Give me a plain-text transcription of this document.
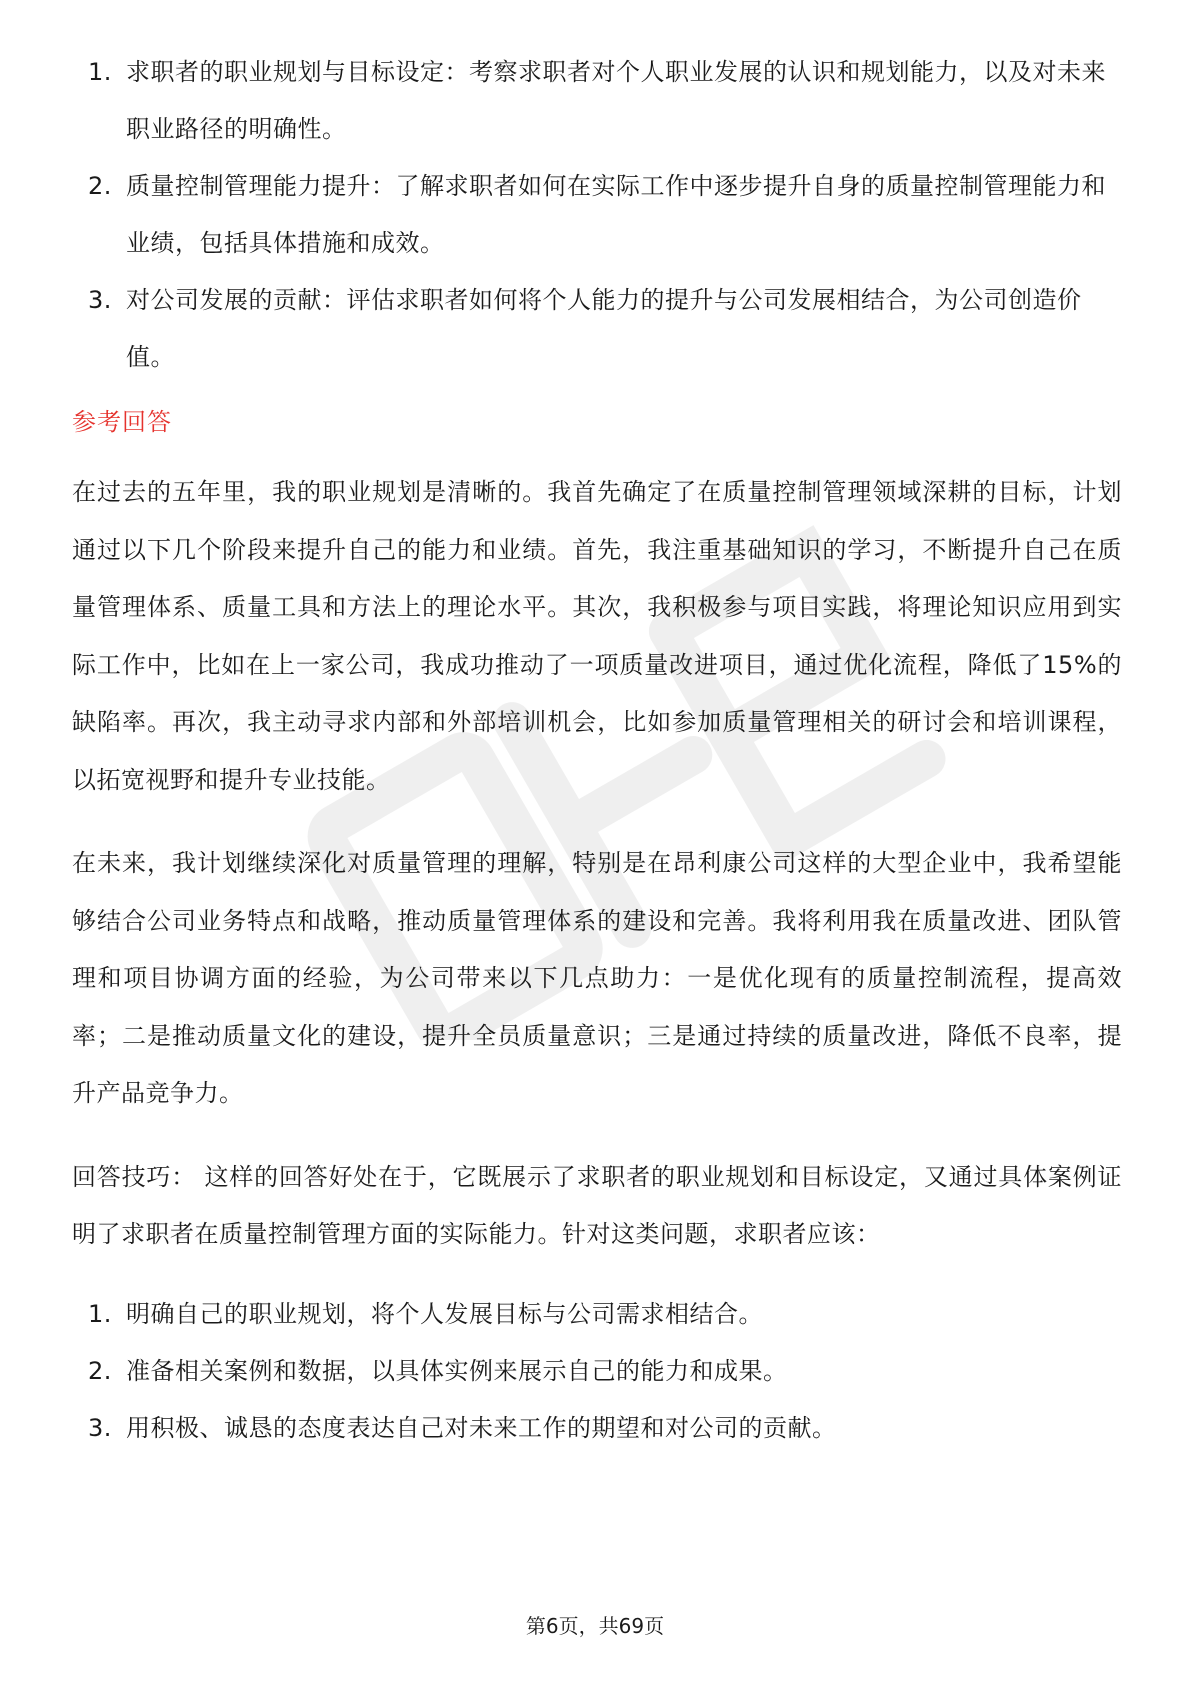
1. 求职者的职业规划与目标设定：考察求职者对个人职业发展的认识和规划能力，以及对未来职业路径的明确性。
2. 质量控制管理能力提升：了解求职者如何在实际工作中逐步提升自身的质量控制管理能力和业绩，包括具体措施和成效。
3. 对公司发展的贡献：评估求职者如何将个人能力的提升与公司发展相结合，为公司创造价值。
参考回答

在过去的五年里，我的职业规划是清晰的。我首先确定了在质量控制管理领域深耕的目标，计划通过以下几个阶段来提升自己的能力和业绩。首先，我注重基础知识的学习，不断提升自己在质量管理体系、质量工具和方法上的理论水平。其次，我积极参与项目实践，将理论知识应用到实际工作中，比如在上一家公司，我成功推动了一项质量改进项目，通过优化流程，降低了15%的缺陷率。再次，我主动寻求内部和外部培训机会，比如参加质量管理相关的研讨会和培训课程，以拓宽视野和提升专业技能。

在未来，我计划继续深化对质量管理的理解，特别是在昂利康公司这样的大型企业中，我希望能够结合公司业务特点和战略，推动质量管理体系的建设和完善。我将利用我在质量改进、团队管理和项目协调方面的经验，为公司带来以下几点助力：一是优化现有的质量控制流程，提高效率；二是推动质量文化的建设，提升全员质量意识；三是通过持续的质量改进，降低不良率，提升产品竞争力。

回答技巧： 这样的回答好处在于，它既展示了求职者的职业规划和目标设定，又通过具体案例证明了求职者在质量控制管理方面的实际能力。针对这类问题，求职者应该：

1. 明确自己的职业规划，将个人发展目标与公司需求相结合。
2. 准备相关案例和数据，以具体实例来展示自己的能力和成果。
3. 用积极、诚恳的态度表达自己对未来工作的期望和对公司的贡献。
第6页，共69页
